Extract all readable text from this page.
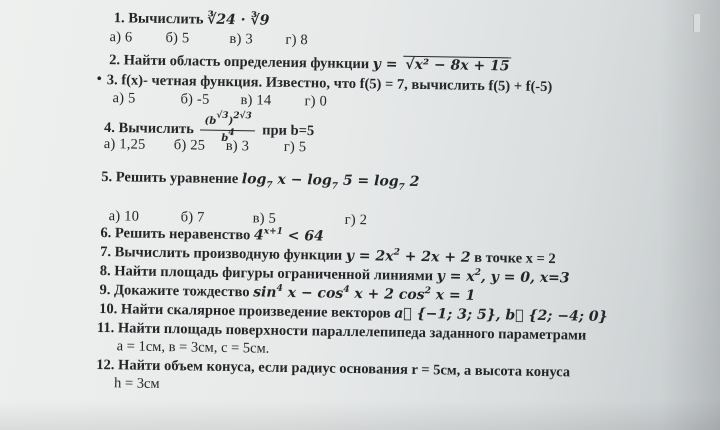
1. Вычислить ∛24 · ∛9
а) 6 б) 5	в) 3 г) 8
2. Найти область определения функции y = √x² − 8x + 15
• 3. f(x)- четная функция. Известно, что f(5) = 7, вычислить f(5) + f(-5)
а) 5	б) -5 в) 14 г) 0
4. Вычислить $\frac{(b√3)2√3}{b4}$ при b=5
а) 1,25 б) 25 в) 3 г) 5
5. Решить уравнение $\log_7 x - \log_7 5 = \log_7 2$
а) 10	б) 7	в) 5	г) 2
6. Решить неравенство $4^{x+1} < 64$
7. Вычислить производную функции $y = 2x^2 + 2x + 2$ в точке x = 2
8. Найти площадь фигуры ограниченной линиями $y = x^2$, y = 0, x=3
9. Докажите тождество $\sin^4 x - \cos^4 x + 2$ $\cos^2 x = 1$
10. Найти скалярное произведение векторов a⃗ {−1; 3; 5}, b⃗ {2; −4; 0}
11. Найти площадь поверхности параллелепипеда заданного параметрами
а = 1см, в = 3см, с = 5см.
12. Найти объем конуса, если радиус основания r = 5см, а высота конуса
h = 3см
